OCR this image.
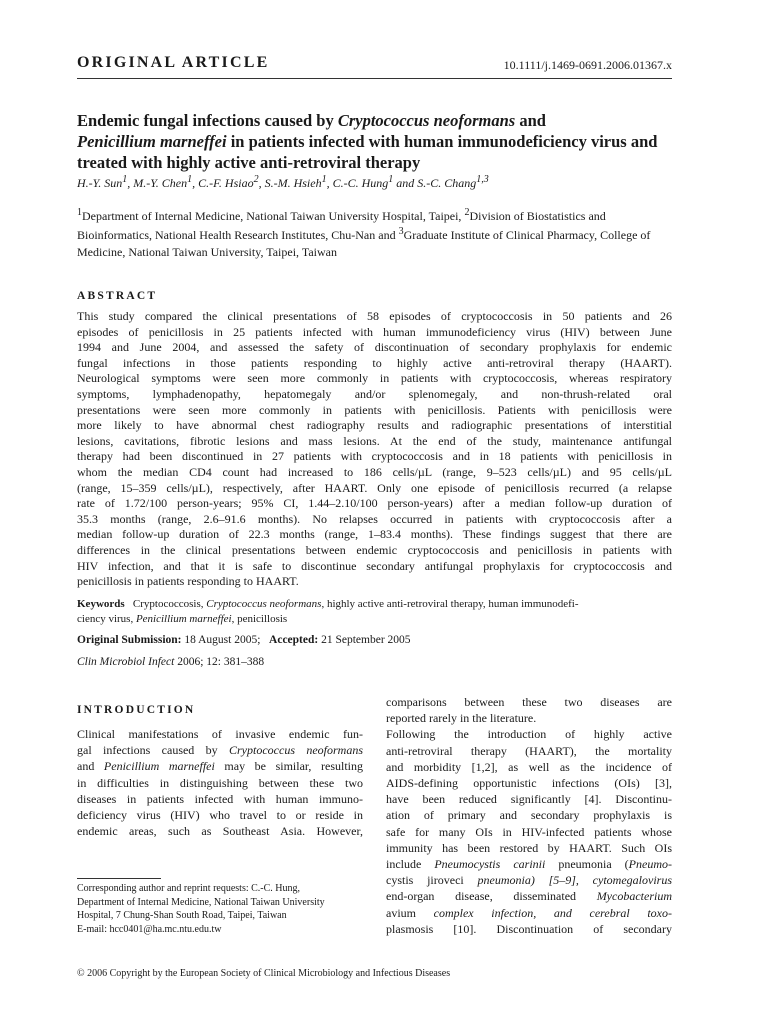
ORIGINAL ARTICLE	10.1111/j.1469-0691.2006.01367.x
Endemic fungal infections caused by Cryptococcus neoformans and
Penicillium marneffei in patients infected with human immunodeficiency virus and treated with highly active anti-retroviral therapy
H.-Y. Sun$^1$, M.-Y. Chen$^1$, C.-F. Hsiao$^2$, S.-M. Hsieh$^1$, C.-C. Hung$^1$ and S.-C. Chang$^{1,3}$
$^1$Department of Internal Medicine, National Taiwan University Hospital, Taipei, $^2$Division of Biostatistics and Bioinformatics, National Health Research Institutes, Chu-Nan and $^3$Graduate Institute of Clinical Pharmacy, College of Medicine, National Taiwan University, Taipei, Taiwan
ABSTRACT
This study compared the clinical presentations of 58 episodes of cryptococcosis in 50 patients and 26
episodes of penicillosis in 25 patients infected with human immunodeficiency virus (HIV) between June
1994 and June 2004, and assessed the safety of discontinuation of secondary prophylaxis for endemic
fungal infections in those patients responding to highly active anti-retroviral therapy (HAART).
Neurological symptoms were seen more commonly in patients with cryptococcosis, whereas respiratory
symptoms, lymphadenopathy, hepatomegaly and/or splenomegaly, and non-thrush-related oral
presentations were seen more commonly in patients with penicillosis. Patients with penicillosis were
more likely to have abnormal chest radiography results and radiographic presentations of interstitial
lesions, cavitations, fibrotic lesions and mass lesions. At the end of the study, maintenance antifungal
therapy had been discontinued in 27 patients with cryptococcosis and in 18 patients with penicillosis in
whom the median CD4 count had increased to 186 cells/µL (range, 9–523 cells/µL) and 95 cells/µL
(range, 15–359 cells/µL), respectively, after HAART. Only one episode of penicillosis recurred (a relapse
rate of 1.72/100 person-years; 95% CI, 1.44–2.10/100 person-years) after a median follow-up duration of
35.3 months (range, 2.6–91.6 months). No relapses occurred in patients with cryptococcosis after a
median follow-up duration of 22.3 months (range, 1–83.4 months). These findings suggest that there are
differences in the clinical presentations between endemic cryptococcosis and penicillosis in patients with
HIV infection, and that it is safe to discontinue secondary antifungal prophylaxis for cryptococcosis and
penicillosis in patients responding to HAART.
Keywords Cryptococcosis, Cryptococcus neoformans, highly active anti-retroviral therapy, human immunodefi-
ciency virus, Penicillium marneffei, penicillosis
Original Submission: 18 August 2005; Accepted: 21 September 2005
Clin Microbiol Infect 2006; 12: 381–388
INTRODUCTION
Clinical manifestations of invasive endemic fun-
gal infections caused by Cryptococcus neoformans
and Penicillium marneffei may be similar, resulting
in difficulties in distinguishing between these two
diseases in patients infected with human immuno-
deficiency virus (HIV) who travel to or reside in
endemic areas, such as Southeast Asia. However,
comparisons between these two diseases are
reported rarely in the literature.
Following the introduction of highly active
anti-retroviral therapy (HAART), the mortality
and morbidity [1,2], as well as the incidence of
AIDS-defining opportunistic infections (OIs) [3],
have been reduced significantly [4]. Discontinu-
ation of primary and secondary prophylaxis is
safe for many OIs in HIV-infected patients whose
immunity has been restored by HAART. Such OIs
include Pneumocystis carinii pneumonia (Pneumo-
cystis jiroveci pneumonia) [5–9], cytomegalovirus
end-organ disease, disseminated Mycobacterium
avium complex infection, and cerebral toxo-
plasmosis [10]. Discontinuation of secondary
Corresponding author and reprint requests: C.-C. Hung,
Department of Internal Medicine, National Taiwan University
Hospital, 7 Chung-Shan South Road, Taipei, Taiwan
E-mail: hcc0401@ha.mc.ntu.edu.tw
© 2006 Copyright by the European Society of Clinical Microbiology and Infectious Diseases
